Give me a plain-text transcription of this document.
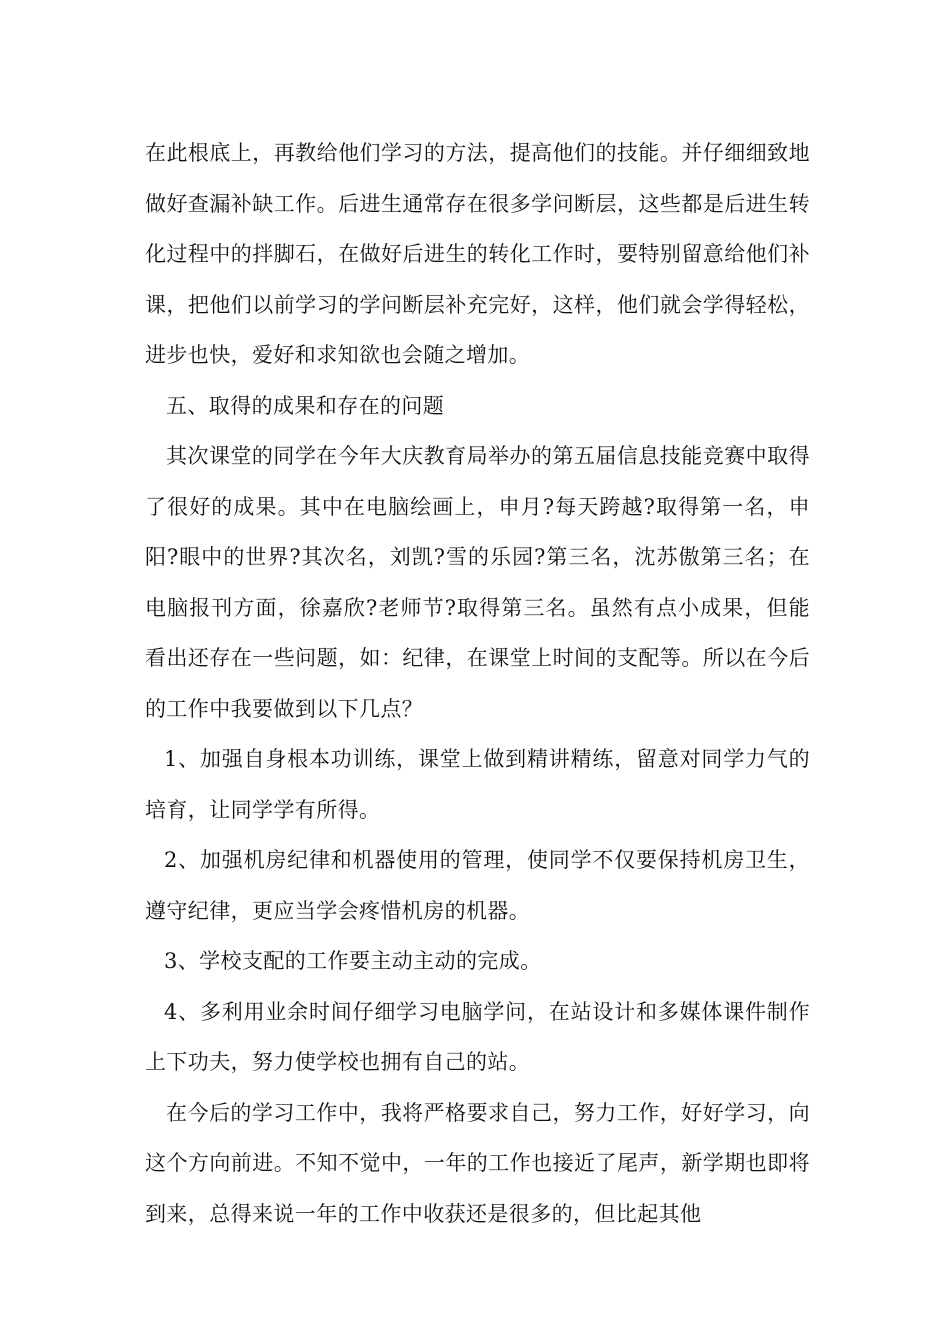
在此根底上，再教给他们学习的方法，提高他们的技能。并仔细细致地做好查漏补缺工作。后进生通常存在很多学问断层，这些都是后进生转化过程中的拌脚石，在做好后进生的转化工作时，要特别留意给他们补课，把他们以前学习的学问断层补充完好，这样，他们就会学得轻松，进步也快，爱好和求知欲也会随之增加。

五、取得的成果和存在的问题

其次课堂的同学在今年大庆教育局举办的第五届信息技能竞赛中取得了很好的成果。其中在电脑绘画上，申月?每天跨越?取得第一名，申阳?眼中的世界?其次名，刘凯?雪的乐园?第三名，沈苏傲第三名；在电脑报刊方面，徐嘉欣?老师节?取得第三名。虽然有点小成果，但能看出还存在一些问题，如：纪律，在课堂上时间的支配等。所以在今后的工作中我要做到以下几点？

1、加强自身根本功训练，课堂上做到精讲精练，留意对同学力气的培育，让同学学有所得。

2、加强机房纪律和机器使用的管理，使同学不仅要保持机房卫生，遵守纪律，更应当学会疼惜机房的机器。

3、学校支配的工作要主动主动的完成。

4、多利用业余时间仔细学习电脑学问，在站设计和多媒体课件制作上下功夫，努力使学校也拥有自己的站。

在今后的学习工作中，我将严格要求自己，努力工作，好好学习，向这个方向前进。不知不觉中，一年的工作也接近了尾声，新学期也即将到来，总得来说一年的工作中收获还是很多的，但比起其他
